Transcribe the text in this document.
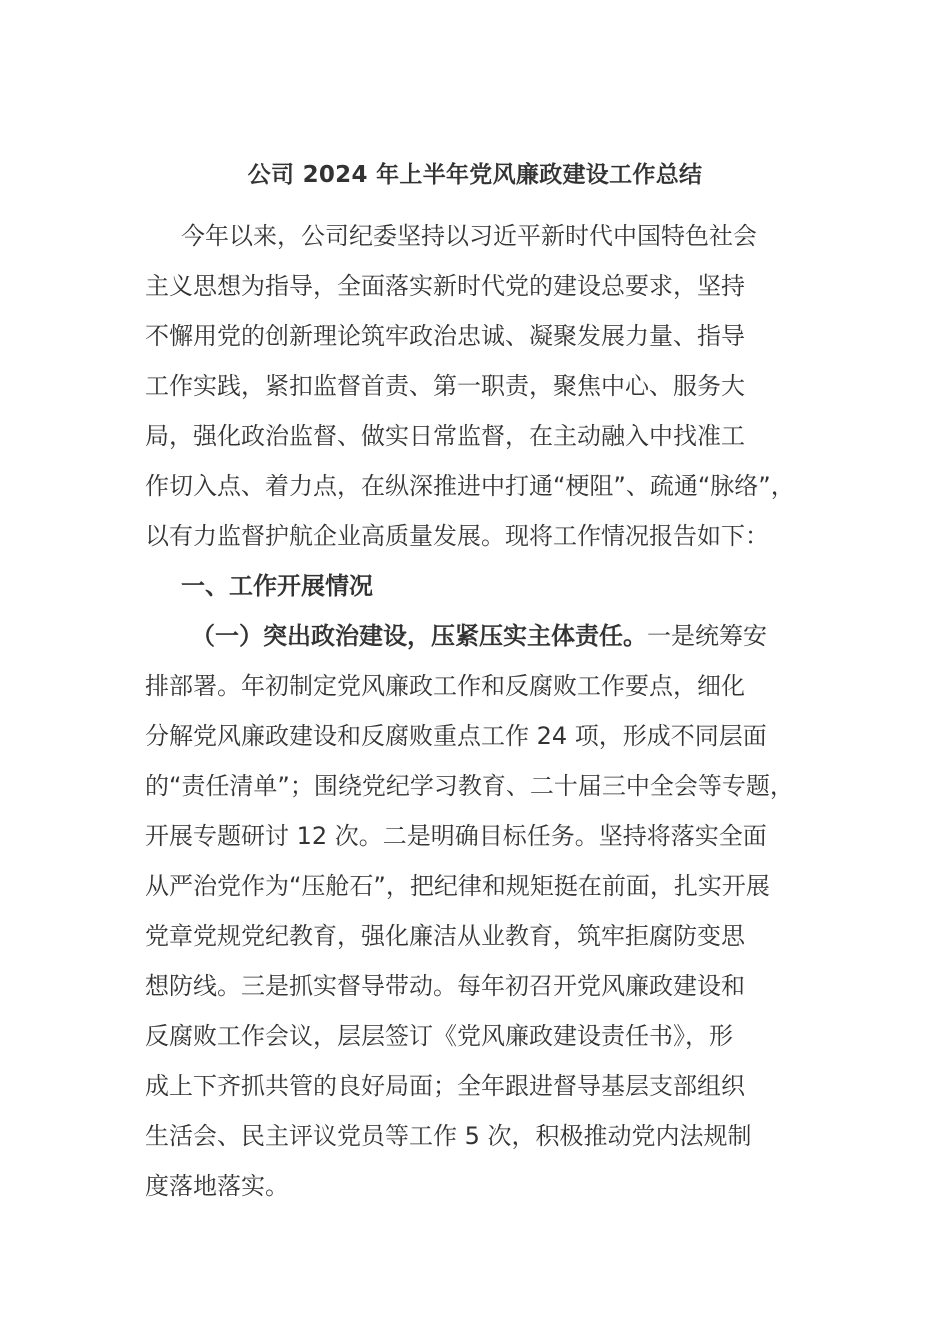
公司 2024 年上半年党风廉政建设工作总结
今年以来，公司纪委坚持以习近平新时代中国特色社会
主义思想为指导，全面落实新时代党的建设总要求，坚持
不懈用党的创新理论筑牢政治忠诚、凝聚发展力量、指导
工作实践，紧扣监督首责、第一职责，聚焦中心、服务大
局，强化政治监督、做实日常监督，在主动融入中找准工
作切入点、着力点，在纵深推进中打通“梗阻”、疏通“脉络”，
以有力监督护航企业高质量发展。现将工作情况报告如下：
一、工作开展情况
（一）突出政治建设，压紧压实主体责任。一是统筹安
排部署。年初制定党风廉政工作和反腐败工作要点，细化
分解党风廉政建设和反腐败重点工作 24 项，形成不同层面
的“责任清单”；围绕党纪学习教育、二十届三中全会等专题，
开展专题研讨 12 次。二是明确目标任务。坚持将落实全面
从严治党作为“压舱石”，把纪律和规矩挺在前面，扎实开展
党章党规党纪教育，强化廉洁从业教育，筑牢拒腐防变思
想防线。三是抓实督导带动。每年初召开党风廉政建设和
反腐败工作会议，层层签订《党风廉政建设责任书》，形
成上下齐抓共管的良好局面；全年跟进督导基层支部组织
生活会、民主评议党员等工作 5 次，积极推动党内法规制
度落地落实。
